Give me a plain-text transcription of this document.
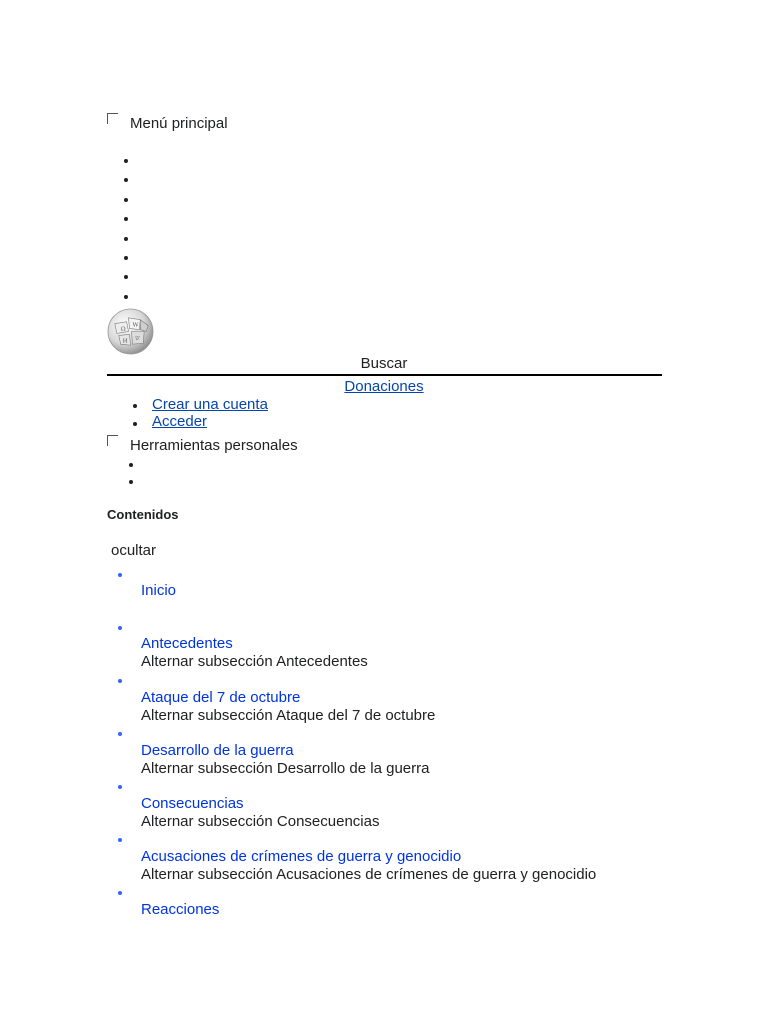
Menú principal
Ω
W
И ש
Buscar
Donaciones
Crear una cuenta
Acceder
Herramientas personales
Contenidos
ocultar
Inicio
Antecedentes
Alternar subsección Antecedentes
Ataque del 7 de octubre
Alternar subsección Ataque del 7 de octubre
Desarrollo de la guerra
Alternar subsección Desarrollo de la guerra
Consecuencias
Alternar subsección Consecuencias
Acusaciones de crímenes de guerra y genocidio
Alternar subsección Acusaciones de crímenes de guerra y genocidio
Reacciones
